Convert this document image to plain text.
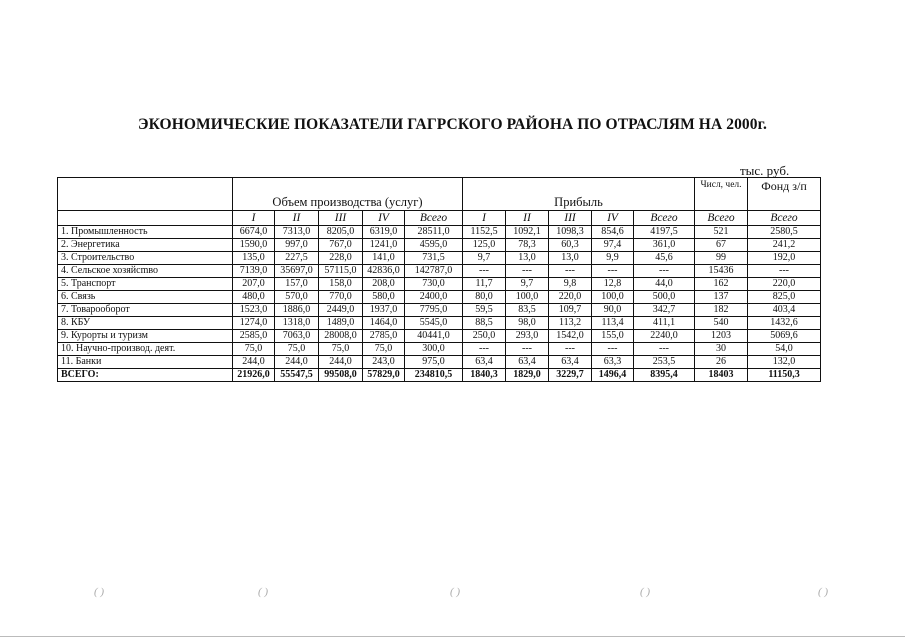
ЭКОНОМИЧЕСКИЕ ПОКАЗАТЕЛИ ГАГРСКОГО РАЙОНА ПО ОТРАСЛЯМ НА 2000г.
тыс. руб.
	Объем производства (услуг)					Прибыль					Числ, чел.	Фонд з/п
	I	II	III	IV	Всего	I	II	III	IV	Всего	Всего	Всего
1. Промышленность	6674,0	7313,0	8205,0	6319,0	28511,0	1152,5	1092,1	1098,3	854,6	4197,5	521	2580,5
2. Энергетика	1590,0	997,0	767,0	1241,0	4595,0	125,0	78,3	60,3	97,4	361,0	67	241,2
3. Строительство	135,0	227,5	228,0	141,0	731,5	9,7	13,0	13,0	9,9	45,6	99	192,0
4. Сельское хозяйсmво	7139,0	35697,0	57115,0	42836,0	142787,0	---	---	---	---	---	15436	---
5. Транспорт	207,0	157,0	158,0	208,0	730,0	11,7	9,7	9,8	12,8	44,0	162	220,0
6. Связь	480,0	570,0	770,0	580,0	2400,0	80,0	100,0	220,0	100,0	500,0	137	825,0
7. Товарооборот	1523,0	1886,0	2449,0	1937,0	7795,0	59,5	83,5	109,7	90,0	342,7	182	403,4
8. КБУ	1274,0	1318,0	1489,0	1464,0	5545,0	88,5	98,0	113,2	113,4	411,1	540	1432,6
9. Курорты и туризм	2585,0	7063,0	28008,0	2785,0	40441,0	250,0	293,0	1542,0	155,0	2240,0	1203	5069,6
10. Научно-производ. деят.	75,0	75,0	75,0	75,0	300,0	---	---	---	---	---	30	54,0
11. Банки	244,0	244,0	244,0	243,0	975,0	63,4	63,4	63,4	63,3	253,5	26	132,0
ВСЕГО:	21926,0	55547,5	99508,0	57829,0	234810,5	1840,3	1829,0	3229,7	1496,4	8395,4	18403	11150,3
( )	( )	( )	( )	( )
